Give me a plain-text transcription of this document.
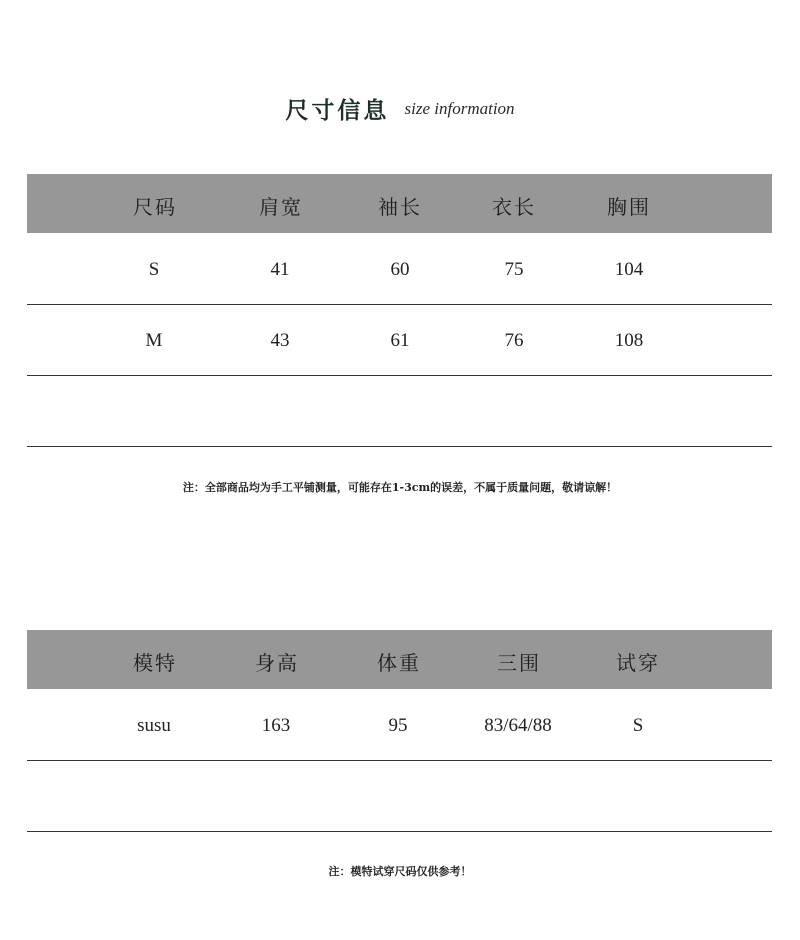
尺寸信息 size information
尺码	肩宽	袖长	衣长	胸围
S	41	60	75	104
M	43	61	76	108
注：全部商品均为手工平铺测量，可能存在1-3cm的误差，不属于质量问题，敬请谅解！
模特	身高	体重	三围	试穿
susu	163	95	83/64/88	S
注：模特试穿尺码仅供参考！
